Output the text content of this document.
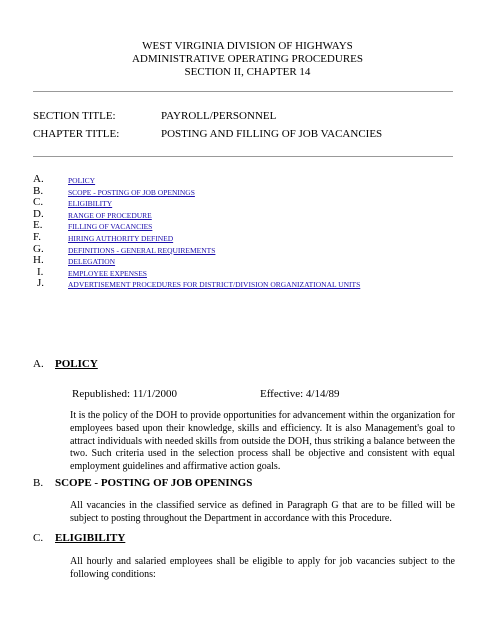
WEST VIRGINIA DIVISION OF HIGHWAYS
ADMINISTRATIVE OPERATING PROCEDURES
SECTION II, CHAPTER 14
SECTION TITLE:	PAYROLL/PERSONNEL
CHAPTER TITLE:	POSTING AND FILLING OF JOB VACANCIES
A.	POLICY
B.	SCOPE - POSTING OF JOB OPENINGS
C.	ELIGIBILITY
D.	RANGE OF PROCEDURE
E.	FILLING OF VACANCIES
F.	HIRING AUTHORITY DEFINED
G.	DEFINITIONS - GENERAL REQUIREMENTS
H.	DELEGATION
I.	EMPLOYEE EXPENSES
J.	ADVERTISEMENT PROCEDURES FOR DISTRICT/DIVISION ORGANIZATIONAL UNITS
A. POLICY
Republished: 11/1/2000	Effective: 4/14/89
It is the policy of the DOH to provide opportunities for advancement within the organization for employees based upon their knowledge, skills and efficiency. It is also Management's goal to attract individuals with needed skills from outside the DOH, thus striking a balance between the two. Such criteria used in the selection process shall be objective and consistent with equal employment guidelines and affirmative action goals.
B. SCOPE - POSTING OF JOB OPENINGS
All vacancies in the classified service as defined in Paragraph G that are to be filled will be subject to posting throughout the Department in accordance with this Procedure.
C. ELIGIBILITY
All hourly and salaried employees shall be eligible to apply for job vacancies subject to the following conditions:
